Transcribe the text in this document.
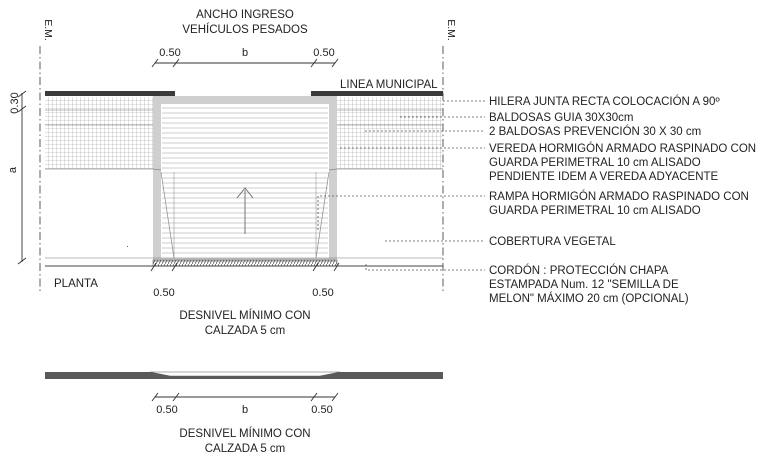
E.M.	E.M.
ANCHO INGRESO
VEHÍCULOS PESADOS
0.50	b	0.50
0.30
a
LINEA MUNICIPAL
PLANTA
0.50	0.50
DESNIVEL MÍNIMO CON
CALZADA 5 cm
HILERA JUNTA RECTA COLOCACIÓN A 90º
BALDOSAS GUIA 30X30cm
2 BALDOSAS PREVENCIÓN 30 X 30 cm
VEREDA HORMIGÓN ARMADO RASPINADO CON
GUARDA PERIMETRAL 10 cm ALISADO
PENDIENTE IDEM A VEREDA ADYACENTE
RAMPA HORMIGÓN ARMADO RASPINADO CON
GUARDA PERIMETRAL 10 cm ALISADO
COBERTURA VEGETAL
CORDÓN : PROTECCIÓN CHAPA
ESTAMPADA Num. 12 "SEMILLA DE
MELON" MÁXIMO 20 cm (OPCIONAL)
0.50	b	0.50
DESNIVEL MÍNIMO CON
CALZADA 5 cm
